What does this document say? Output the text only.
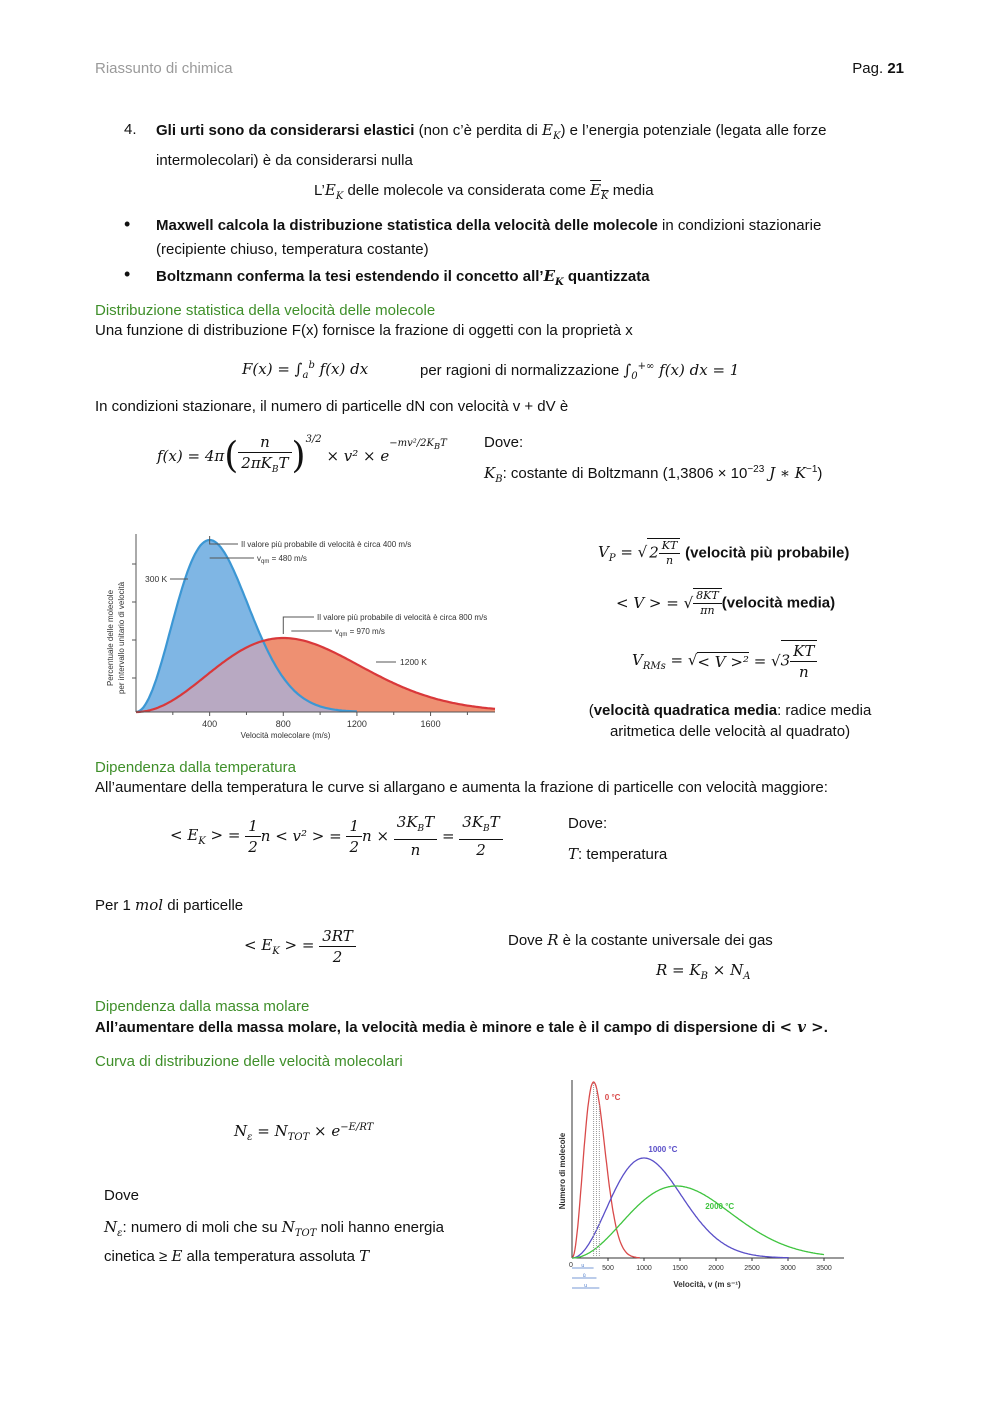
Riassunto di chimica	Pag. 21
4. Gli urti sono da considerarsi elastici (non c’è perdita di $E_K$) e l’energia potenziale (legata alle forze
intermolecolari) è da considerarsi nulla
$L’E_K$ delle molecole va considerata come $E_K$ media
• Maxwell calcola la distribuzione statistica della velocità delle molecole in condizioni stazionarie
(recipiente chiuso, temperatura costante)
• Boltzmann conferma la tesi estendendo il concetto $all’E_K$ quantizzata
Distribuzione statistica della velocità delle molecole
Una funzione di distribuzione F(x) fornisce la frazione di oggetti con la proprietà x
$F(x) = \int_a^b$ f(x) dx	per ragioni di normalizzazione $\int_0^{+\infty}$ f(x) dx = 1
In condizioni stazionare, il numero di particelle dN con velocità v + dV è
$f(x) = 4\pi( \frac{n}{2\pi K_BT} )^{3/2} \times v^2 \times e^{-mv^2/2K_BT}$ Dove:
$K_B$: costante di Boltzmann ($1,3806 \times 10^{-23}$ J ∗ $K^{-1}$)
400	800	1200	1600
Velocità molecolare (m/s)
Percentuale delle molecole per intervallo unitario di velocità
300 K
1200 K
Il valore più probabile di velocità è circa 400 m/s
$v_{qm} = 480$ m/s
Il valore più probabile di velocità è circa 800 m/s
$v_{qm} = 970$ m/s
$V_P$ = √ $2 \frac{KT}{n}$ (velocità più probabile)
< V > = √ $\frac{8KT}{\pi n}$ (velocità media)
$V_{RMs}$ = √< $V >^2 = √3 \frac{KT}{n}$
(velocità quadratica media: radice media
aritmetica delle velocità al quadrato)
Dipendenza dalla temperatura
All’aumentare della temperatura le curve si allargano e aumenta la frazione di particelle con velocità maggiore:
< $E_K$ > = $\frac{1}{2}$ n < v² > = $\frac{1}{2}$ $n \times \frac{3K_BT}{n} = \frac{3K_BT}{2}$	Dove:
T: temperatura
Per 1 mol di particelle
< $E_K$ > = $\frac{3RT}{2}$	Dove R è la costante universale dei gas
$R = K_B \times N_A$
Dipendenza dalla massa molare
All’aumentare della massa molare, la velocità media è minore e tale è il campo di dispersione di < v >.
Curva di distribuzione delle velocità molecolari
$N_\varepsilon = N_{TOT} \times e^{-E/RT}$
Dove
$N_\varepsilon$: numero di moli che su $N_{TOT}$ noli hanno energia
cinetica ≥ E alla temperatura assoluta T
0	500	1000	1500	2000	2500	3000	3500
Velocità, v (m s⁻¹)
Numero di molecole
0 °C
1000 °C
2000 °C
u
ū
u
